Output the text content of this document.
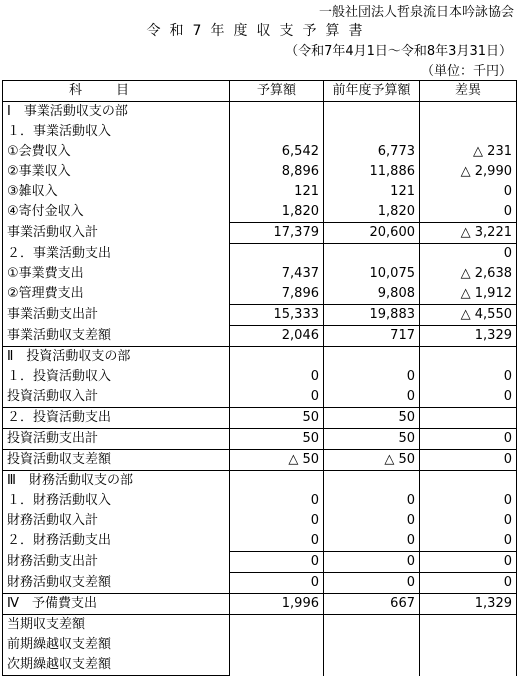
一般社団法人哲泉流日本吟詠協会
令和7年度収支予算書
（令和7年4月1日～令和8年3月31日）
（単位：千円）
科目	予算額	前年度予算額	差異
Ⅰ　事業活動収支の部			
１．事業活動収入			
①会費収入	6,542	6,773	△ 231
②事業収入	8,896	11,886	△ 2,990
③雑収入	121	121	0
④寄付金収入	1,820	1,820	0
事業活動収入計	17,379	20,600	△ 3,221
２．事業活動支出			0
①事業費支出	7,437	10,075	△ 2,638
②管理費支出	7,896	9,808	△ 1,912
事業活動支出計	15,333	19,883	△ 4,550
事業活動収支差額	2,046	717	1,329
Ⅱ　投資活動収支の部			
１．投資活動収入	0	0	0
投資活動収入計	0	0	0
２．投資活動支出	50	50	
投資活動支出計	50	50	0
投資活動収支差額	△ 50	△ 50	0
Ⅲ　財務活動収支の部			
１．財務活動収入	0	0	0
財務活動収入計	0	0	0
２．財務活動支出	0	0	0
財務活動支出計	0	0	0
財務活動収支差額	0	0	0
Ⅳ　予備費支出	1,996	667	1,329
当期収支差額			
前期繰越収支差額			
次期繰越収支差額			
